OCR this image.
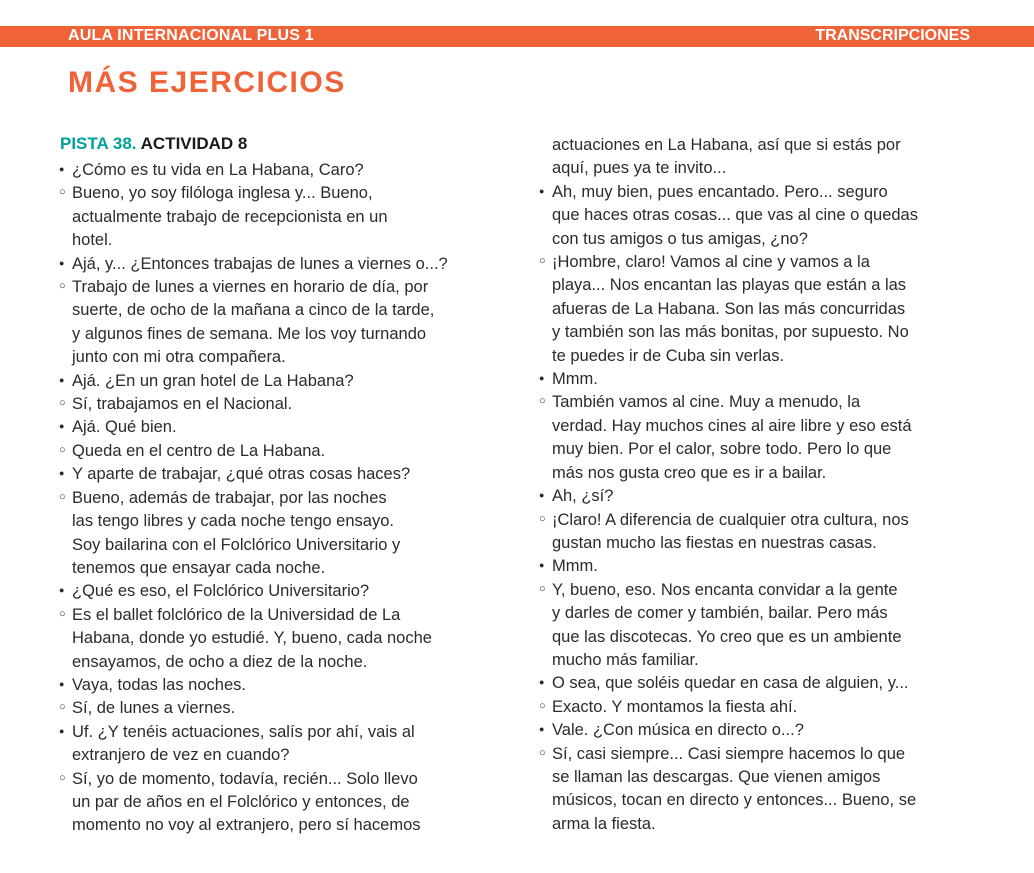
AULA INTERNACIONAL PLUS 1	TRANSCRIPCIONES
MÁS EJERCICIOS
PISTA 38. ACTIVIDAD 8
●
¿Cómo es tu vida en La Habana, Caro?
○
Bueno, yo soy filóloga inglesa y... Bueno,
actualmente trabajo de recepcionista en un
hotel.
●
Ajá, y... ¿Entonces trabajas de lunes a viernes o...?
○
Trabajo de lunes a viernes en horario de día, por
suerte, de ocho de la mañana a cinco de la tarde,
y algunos fines de semana. Me los voy turnando
junto con mi otra compañera.
●
Ajá. ¿En un gran hotel de La Habana?
○
Sí, trabajamos en el Nacional.
●
Ajá. Qué bien.
○
Queda en el centro de La Habana.
●
Y aparte de trabajar, ¿qué otras cosas haces?
○
Bueno, además de trabajar, por las noches
las tengo libres y cada noche tengo ensayo.
Soy bailarina con el Folclórico Universitario y
tenemos que ensayar cada noche.
●
¿Qué es eso, el Folclórico Universitario?
○
Es el ballet folclórico de la Universidad de La
Habana, donde yo estudié. Y, bueno, cada noche
ensayamos, de ocho a diez de la noche.
●
Vaya, todas las noches.
○
Sí, de lunes a viernes.
●
Uf. ¿Y tenéis actuaciones, salís por ahí, vais al
extranjero de vez en cuando?
○
Sí, yo de momento, todavía, recién... Solo llevo
un par de años en el Folclórico y entonces, de
momento no voy al extranjero, pero sí hacemos
actuaciones en La Habana, así que si estás por
aquí, pues ya te invito...
●
Ah, muy bien, pues encantado. Pero... seguro
que haces otras cosas... que vas al cine o quedas
con tus amigos o tus amigas, ¿no?
○
¡Hombre, claro! Vamos al cine y vamos a la
playa... Nos encantan las playas que están a las
afueras de La Habana. Son las más concurridas
y también son las más bonitas, por supuesto. No
te puedes ir de Cuba sin verlas.
●
Mmm.
○
También vamos al cine. Muy a menudo, la
verdad. Hay muchos cines al aire libre y eso está
muy bien. Por el calor, sobre todo. Pero lo que
más nos gusta creo que es ir a bailar.
●
Ah, ¿sí?
○
¡Claro! A diferencia de cualquier otra cultura, nos
gustan mucho las fiestas en nuestras casas.
●
Mmm.
○
Y, bueno, eso. Nos encanta convidar a la gente
y darles de comer y también, bailar. Pero más
que las discotecas. Yo creo que es un ambiente
mucho más familiar.
●
O sea, que soléis quedar en casa de alguien, y...
○
Exacto. Y montamos la fiesta ahí.
●
Vale. ¿Con música en directo o...?
○
Sí, casi siempre... Casi siempre hacemos lo que
se llaman las descargas. Que vienen amigos
músicos, tocan en directo y entonces... Bueno, se
arma la fiesta.
